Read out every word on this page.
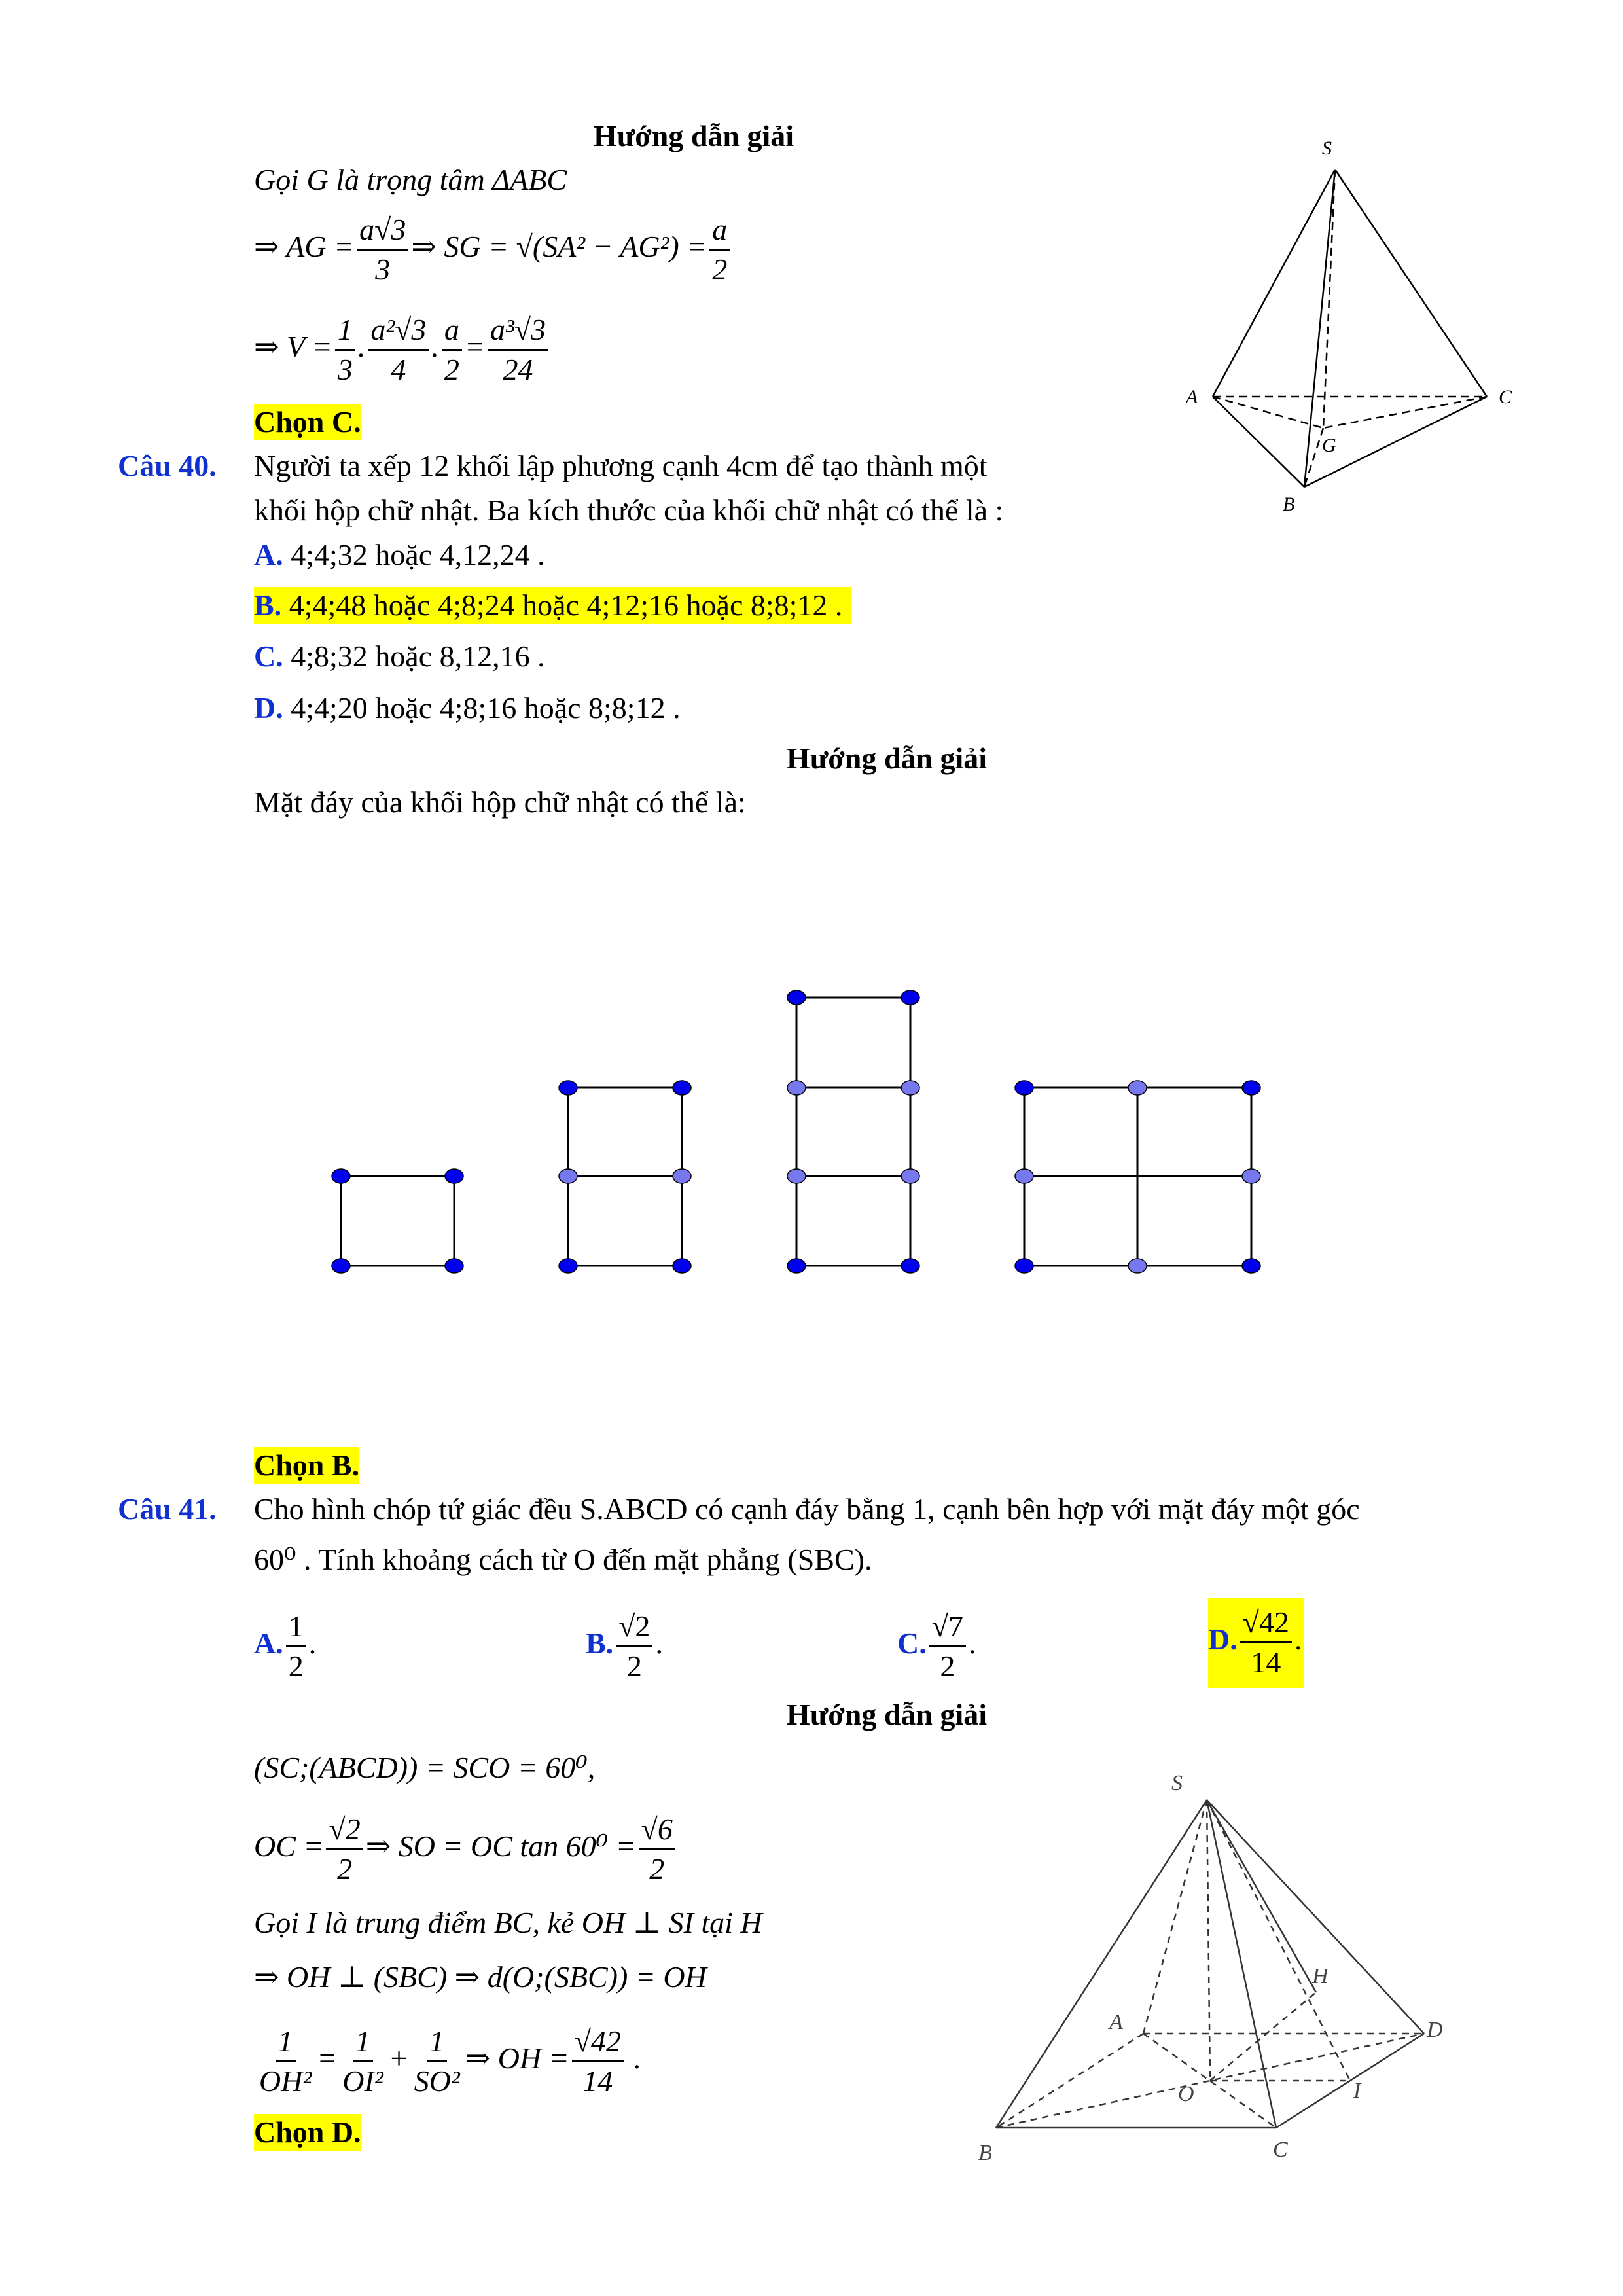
S
A	C
B
G
S
A	D
B	C
O	I
H
Hướng dẫn giải
Gọi G là trọng tâm ΔABC
⇒ AG = $\frac{a√3}{3}$ ⇒ SG = $√(SA^2 - AG^2) = \frac{a}{2}$
⇒ $V = \frac{1}{3}$ . $\frac{\text{a²√3}}{4}$ . $\frac{a}{2} = \frac{\text{a³√3}}{24}$
Chọn C.
Câu 40. Người ta xếp 12 khối lập phương cạnh 4cm để tạo thành một
khối hộp chữ nhật. Ba kích thước của khối chữ nhật có thể là :
A. 4;4;32 hoặc 4,12,24 .
B. 4;4;48 hoặc 4;8;24 hoặc 4;12;16 hoặc 8;8;12 .
C. 4;8;32 hoặc 8,12,16 .
D. 4;4;20 hoặc 4;8;16 hoặc 8;8;12 .
Hướng dẫn giải
Mặt đáy của khối hộp chữ nhật có thể là:
Chọn B.
Câu 41. Cho hình chóp tứ giác đều S.ABCD có cạnh đáy bằng 1, cạnh bên hợp với mặt đáy một góc
60⁰ . Tính khoảng cách từ O đến mặt phẳng (SBC).
A. $\frac{1}{2}$ .	B. $\frac{√2}{2}$ .	C. $\frac{√7}{2}$ .	D. $\frac{√42}{14}$ .
Hướng dẫn giải
(SC;(ABCD)) = SCO = 60⁰,
OC = $\frac{√2}{2}$ ⇒ SO = OC $\tan 60^0 = \frac{√6}{2}$
Gọi I là trung điểm BC, kẻ OH ⊥ SI tại H
⇒ OH ⊥ (SBC) ⇒ d(O;(SBC)) = OH
$\frac{1}{\text{OH²}} = \frac{1}{\text{OI²}} + \frac{1}{\text{SO²}}$ ⇒ OH = $\frac{√42}{14}$ .
Chọn D.
